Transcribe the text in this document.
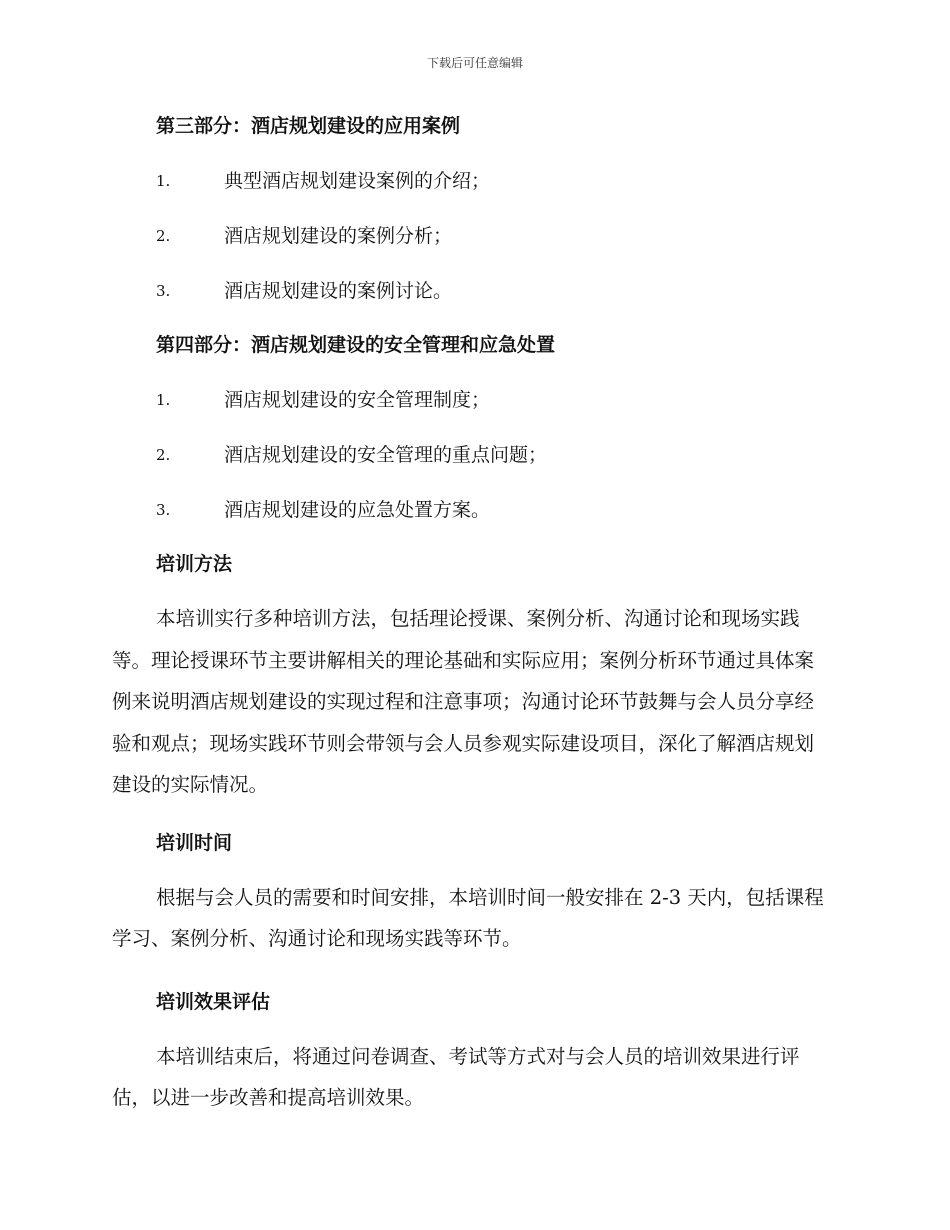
下载后可任意编辑
第三部分：酒店规划建设的应用案例
1.	典型酒店规划建设案例的介绍；
2.	酒店规划建设的案例分析；
3.	酒店规划建设的案例讨论。
第四部分：酒店规划建设的安全管理和应急处置
1.	酒店规划建设的安全管理制度；
2.	酒店规划建设的安全管理的重点问题；
3.	酒店规划建设的应急处置方案。
培训方法

本培训实行多种培训方法，包括理论授课、案例分析、沟通讨论和现场实践等。理论授课环节主要讲解相关的理论基础和实际应用；案例分析环节通过具体案例来说明酒店规划建设的实现过程和注意事项；沟通讨论环节鼓舞与会人员分享经验和观点；现场实践环节则会带领与会人员参观实际建设项目，深化了解酒店规划建设的实际情况。

培训时间

根据与会人员的需要和时间安排，本培训时间一般安排在 2-3 天内，包括课程学习、案例分析、沟通讨论和现场实践等环节。

培训效果评估

本培训结束后，将通过问卷调查、考试等方式对与会人员的培训效果进行评估，以进一步改善和提高培训效果。
